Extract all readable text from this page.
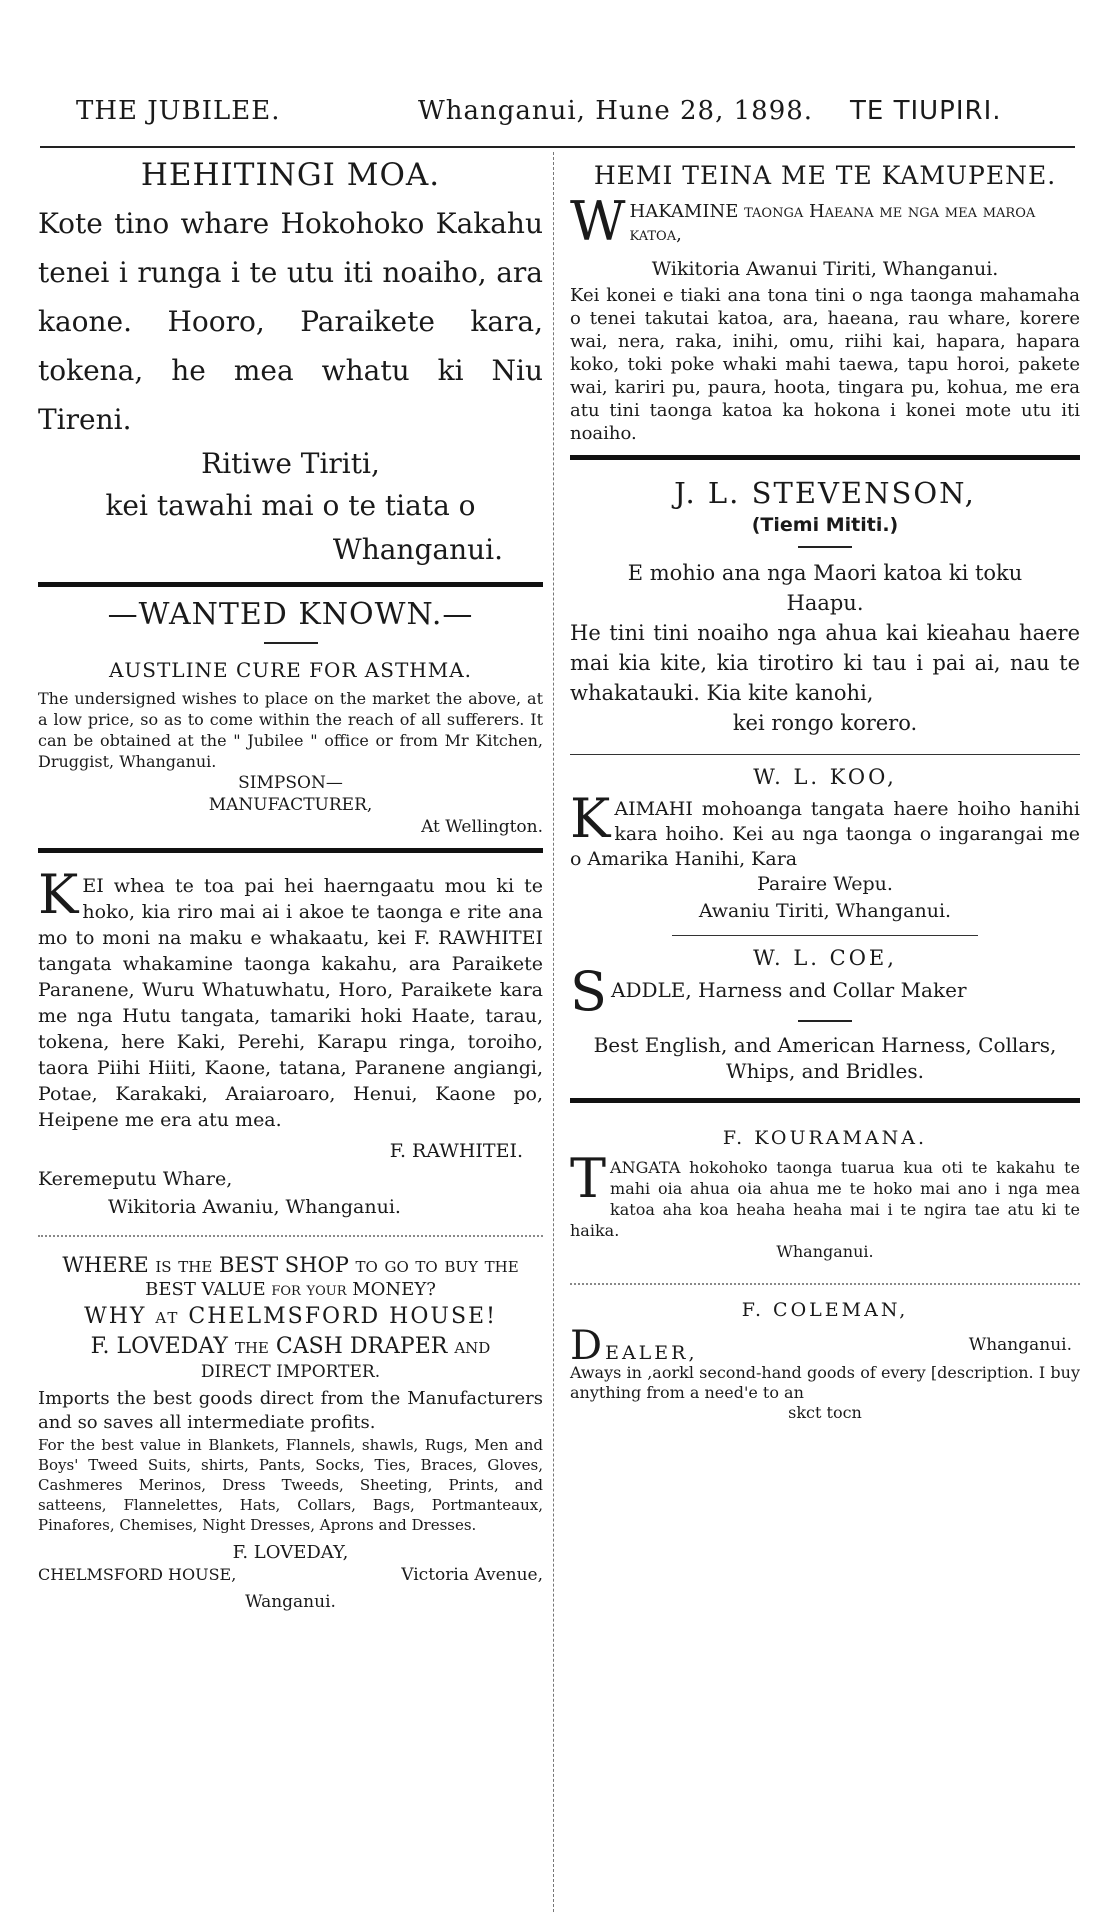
THE JUBILEE.	Whanganui, Hune 28, 1898. TE TIUPIRI.
HEHITINGI MOA.

Kote tino whare Hokohoko Kakahu tenei i runga i te utu iti noaiho, ara kaone. Hooro, Paraikete kara, tokena, he mea whatu ki Niu Tireni.

Ritiwe Tiriti,
kei tawahi mai o te tiata o
Whanganui.
—WANTED KNOWN.—
AUSTLINE CURE FOR ASTHMA.

The undersigned wishes to place on the market the above, at a low price, so as to come within the reach of all sufferers. It can be obtained at the " Jubilee " office or from Mr Kitchen, Druggist, Whanganui.

SIMPSON—
MANUFACTURER,
At Wellington.

KEI whea te toa pai hei haerngaatu mou ki te hoko, kia riro mai ai i akoe te taonga e rite ana mo to moni na maku e whakaatu, kei F. RAWHITEI tangata whakamine taonga kakahu, ara Paraikete Paranene, Wuru Whatuwhatu, Horo, Paraikete kara me nga Hutu tangata, tamariki hoki Haate, tarau, tokena, here Kaki, Perehi, Karapu ringa, toroiho, taora Piihi Hiiti, Kaone, tatana, Paranene angiangi, Potae, Karakaki, Araiaroaro, Henui, Kaone po, Heipene me era atu mea.

F. RAWHITEI.
Keremeputu Whare,
Wikitoria Awaniu, Whanganui.
WHERE is the BEST SHOP to go to buy the
BEST VALUE for your MONEY?
WHY at CHELMSFORD HOUSE!
F. LOVEDAY the CASH DRAPER and
DIRECT IMPORTER.

Imports the best goods direct from the Manufacturers and so saves all intermediate profits.

For the best value in Blankets, Flannels, shawls, Rugs, Men and Boys' Tweed Suits, shirts, Pants, Socks, Ties, Braces, Gloves, Cashmeres Merinos, Dress Tweeds, Sheeting, Prints, and satteens, Flannelettes, Hats, Collars, Bags, Portmanteaux, Pinafores, Chemises, Night Dresses, Aprons and Dresses.

F. LOVEDAY,
CHELMSFORD HOUSE,	Victoria Avenue,
Wanganui.
HEMI TEINA ME TE KAMUPENE.

WHAKAMINE taonga Haeana me nga mea maroa katoa,

Wikitoria Awanui Tiriti, Whanganui.

Kei konei e tiaki ana tona tini o nga taonga mahamaha o tenei takutai katoa, ara, haeana, rau whare, korere wai, nera, raka, inihi, omu, riihi kai, hapara, hapara koko, toki poke whaki mahi taewa, tapu horoi, pakete wai, kariri pu, paura, hoota, tingara pu, kohua, me era atu tini taonga katoa ka hokona i konei mote utu iti noaiho.

J. L. STEVENSON,
(Tiemi Mititi.)
E mohio ana nga Maori katoa ki toku
Haapu.

He tini tini noaiho nga ahua kai kieahau haere mai kia kite, kia tirotiro ki tau i pai ai, nau te whakatauki. Kia kite kanohi,

kei rongo korero.
W. L. KOO,

KAIMAHI mohoanga tangata haere hoiho hanihi kara hoiho. Kei au nga taonga o ingarangai me o Amarika Hanihi, Kara

Paraire Wepu.
Awaniu Tiriti, Whanganui.
W. L. COE,

SADDLE, Harness and Collar Maker

Best English, and American Harness, Collars, Whips, and Bridles.

F. KOURAMANA.

TANGATA hokohoko taonga tuarua kua oti te kakahu te mahi oia ahua oia ahua me te hoko mai ano i nga mea katoa aha koa heaha heaha mai i te ngira tae atu ki te haika.

Whanganui.
F. COLEMAN,
DEALER,	Whanganui.

Aways in ,aorkl second-hand goods of every [description. I buy anything from a need'e to an

skct tocn
